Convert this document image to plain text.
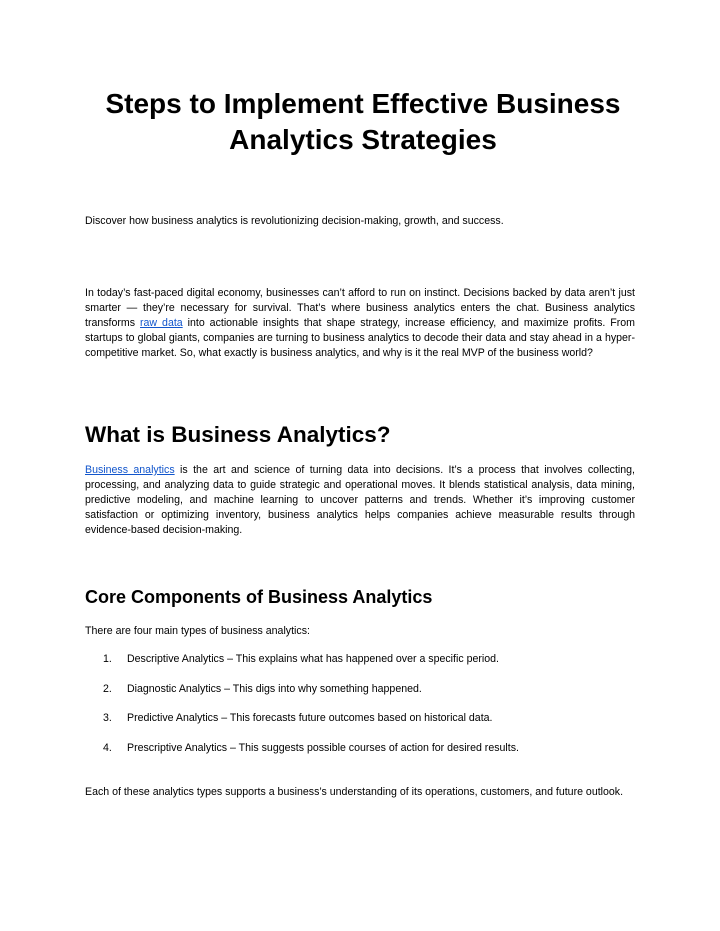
Steps to Implement Effective Business Analytics Strategies

Discover how business analytics is revolutionizing decision-making, growth, and success.

In today’s fast-paced digital economy, businesses can’t afford to run on instinct. Decisions backed by data aren’t just smarter — they’re necessary for survival. That’s where business analytics enters the chat. Business analytics transforms raw data into actionable insights that shape strategy, increase efficiency, and maximize profits. From startups to global giants, companies are turning to business analytics to decode their data and stay ahead in a hyper-competitive market. So, what exactly is business analytics, and why is it the real MVP of the business world?

What is Business Analytics?

Business analytics is the art and science of turning data into decisions. It’s a process that involves collecting, processing, and analyzing data to guide strategic and operational moves. It blends statistical analysis, data mining, predictive modeling, and machine learning to uncover patterns and trends. Whether it’s improving customer satisfaction or optimizing inventory, business analytics helps companies achieve measurable results through evidence-based decision-making.

Core Components of Business Analytics

There are four main types of business analytics:

1. Descriptive Analytics – This explains what has happened over a specific period.
2. Diagnostic Analytics – This digs into why something happened.
3. Predictive Analytics – This forecasts future outcomes based on historical data.
4. Prescriptive Analytics – This suggests possible courses of action for desired results.

Each of these analytics types supports a business’s understanding of its operations, customers, and future outlook.
